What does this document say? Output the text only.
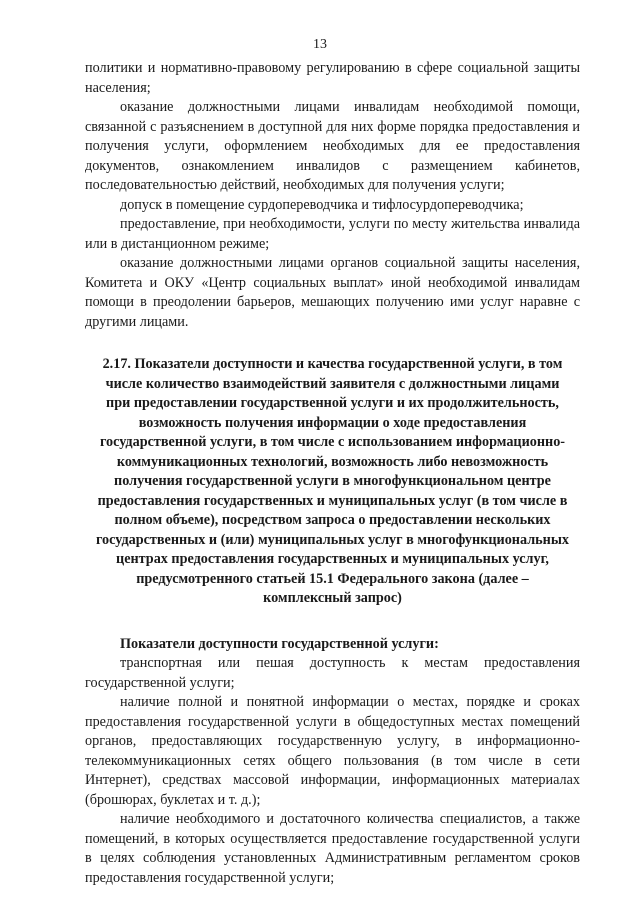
13

политики и нормативно-правовому регулированию в сфере социальной защиты населения;

оказание должностными лицами инвалидам необходимой помощи, связанной с разъяснением в доступной для них форме порядка предоставления и получения услуги, оформлением необходимых для ее предоставления документов, ознакомлением инвалидов с размещением кабинетов, последовательностью действий, необходимых для получения услуги;

допуск в помещение сурдопереводчика и тифлосурдопереводчика;

предоставление, при необходимости, услуги по месту жительства инвалида или в дистанционном режиме;

оказание должностными лицами органов социальной защиты населения, Комитета и ОКУ «Центр социальных выплат» иной необходимой инвалидам помощи в преодолении барьеров, мешающих получению ими услуг наравне с другими лицами.

2.17. Показатели доступности и качества государственной услуги, в том числе количество взаимодействий заявителя с должностными лицами при предоставлении государственной услуги и их продолжительность, возможность получения информации о ходе предоставления государственной услуги, в том числе с использованием информационно-коммуникационных технологий, возможность либо невозможность получения государственной услуги в многофункциональном центре предоставления государственных и муниципальных услуг (в том числе в полном объеме), посредством запроса о предоставлении нескольких государственных и (или) муниципальных услуг в многофункциональных центрах предоставления государственных и муниципальных услуг, предусмотренного статьей 15.1 Федерального закона (далее – комплексный запрос)

Показатели доступности государственной услуги:

транспортная или пешая доступность к местам предоставления государственной услуги;

наличие полной и понятной информации о местах, порядке и сроках предоставления государственной услуги в общедоступных местах помещений органов, предоставляющих государственную услугу, в информационно-телекоммуникационных сетях общего пользования (в том числе в сети Интернет), средствах массовой информации, информационных материалах (брошюрах, буклетах и т. д.);

наличие необходимого и достаточного количества специалистов, а также помещений, в которых осуществляется предоставление государственной услуги в целях соблюдения установленных Административным регламентом сроков предоставления государственной услуги;
